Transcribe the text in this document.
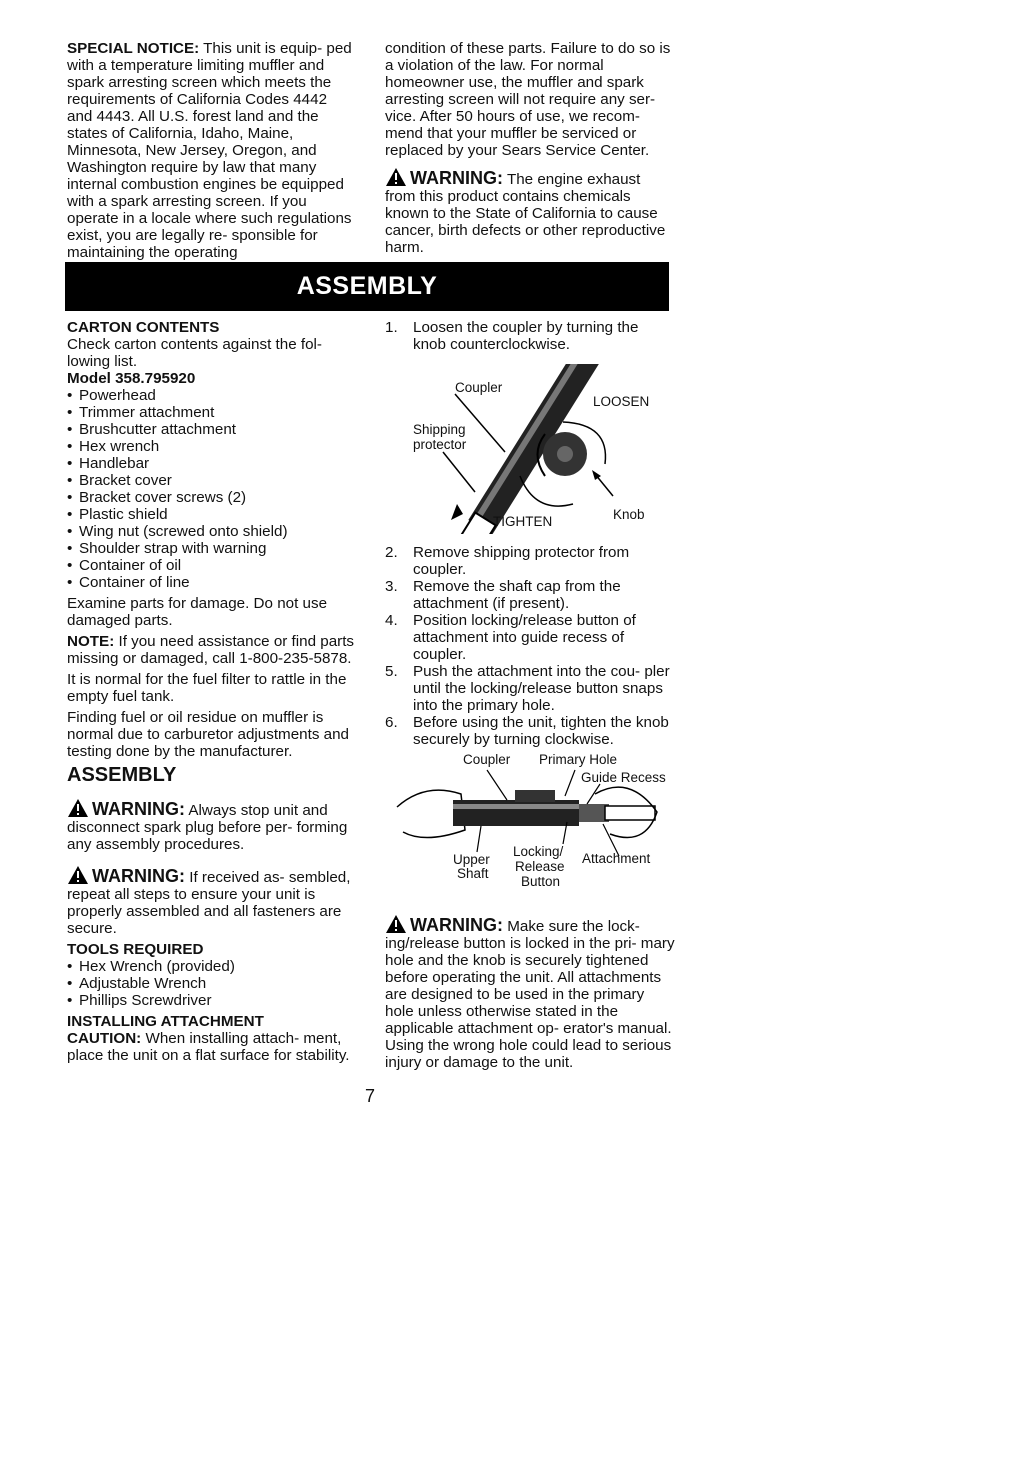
SPECIAL NOTICE: This unit is equip- ped with a temperature limiting muffler and spark arresting screen which meets the requirements of California Codes 4442 and 4443. All U.S. forest land and the states of California, Idaho, Maine, Minnesota, New Jersey, Oregon, and Washington require by law that many internal combustion engines be equipped with a spark arresting screen. If you operate in a locale where such regulations exist, you are legally re- sponsible for maintaining the operating

condition of these parts. Failure to do so is a violation of the law. For normal homeowner use, the muffler and spark arresting screen will not require any ser- vice. After 50 hours of use, we recom- mend that your muffler be serviced or replaced by your Sears Service Center.

WARNING: The engine exhaust from this product contains chemicals known to the State of California to cause cancer, birth defects or other reproductive harm.

ASSEMBLY

CARTON CONTENTS

Check carton contents against the fol- lowing list.

Model 358.795920

• Powerhead
• Trimmer attachment
• Brushcutter attachment
• Hex wrench
• Handlebar
• Bracket cover
• Bracket cover screws (2)
• Plastic shield
• Wing nut (screwed onto shield)
• Shoulder strap with warning
• Container of oil
• Container of line

Examine parts for damage. Do not use damaged parts.

NOTE: If you need assistance or find parts missing or damaged, call 1-800-235-5878.

It is normal for the fuel filter to rattle in the empty fuel tank.

Finding fuel or oil residue on muffler is normal due to carburetor adjustments and testing done by the manufacturer.

ASSEMBLY

WARNING: Always stop unit and disconnect spark plug before per- forming any assembly procedures.

WARNING: If received as- sembled, repeat all steps to ensure your unit is properly assembled and all fasteners are secure.

TOOLS REQUIRED

• Hex Wrench (provided)
• Adjustable Wrench
• Phillips Screwdriver

INSTALLING ATTACHMENT

CAUTION: When installing attach- ment, place the unit on a flat surface for stability.

1. Loosen the coupler by turning the knob counterclockwise.
Coupler
LOOSEN
Shipping
protector
TIGHTEN	Knob
2. Remove shipping protector from coupler.
3. Remove the shaft cap from the attachment (if present).
4. Position locking/release button of attachment into guide recess of coupler.
5. Push the attachment into the cou- pler until the locking/release button snaps into the primary hole.
6. Before using the unit, tighten the knob securely by turning clockwise.
Coupler Primary Hole
Guide Recess
Upper
Shaft
Locking/
Release
Button
Attachment

WARNING: Make sure the lock- ing/release button is locked in the pri- mary hole and the knob is securely tightened before operating the unit. All attachments are designed to be used in the primary hole unless otherwise stated in the applicable attachment op- erator's manual. Using the wrong hole could lead to serious injury or damage to the unit.

7
